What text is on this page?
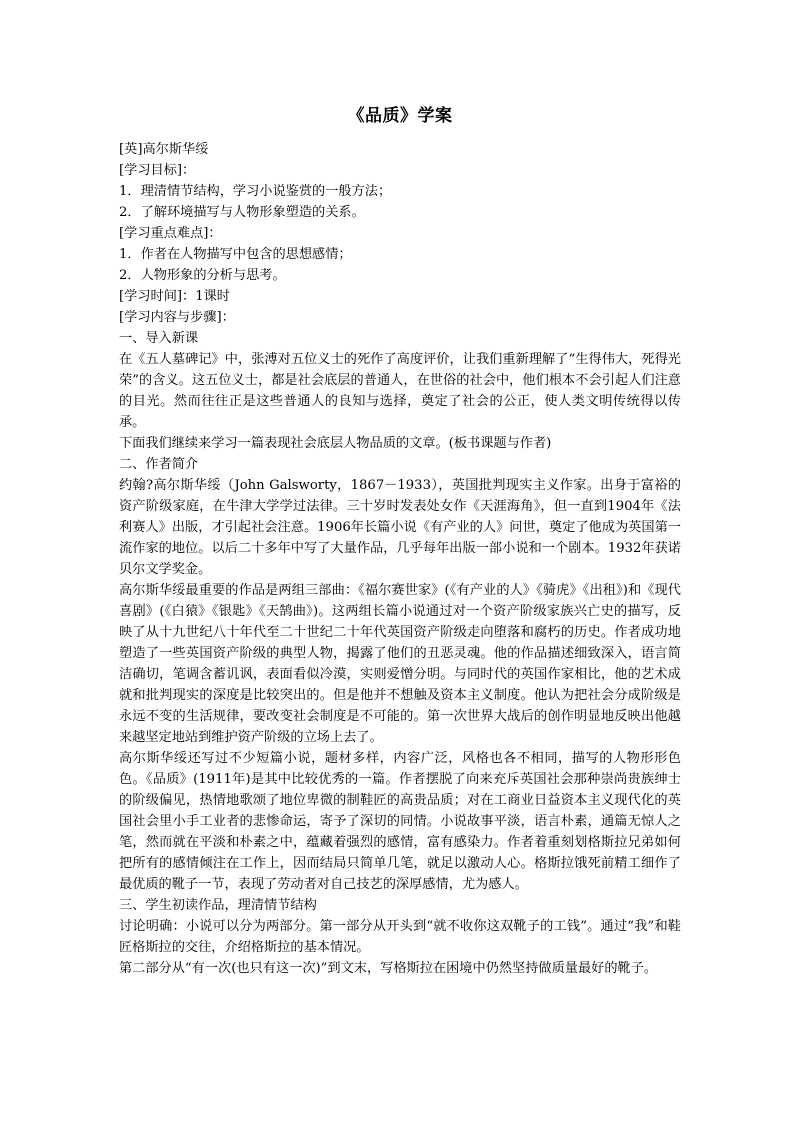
《品质》学案

[英]高尔斯华绥

[学习目标]：

1．理清情节结构，学习小说鉴赏的一般方法；

2．了解环境描写与人物形象塑造的关系。

[学习重点难点]：

1．作者在人物描写中包含的思想感情；

2．人物形象的分析与思考。

[学习时间]：1课时

[学习内容与步骤]：

一、导入新课

在《五人墓碑记》中，张溥对五位义士的死作了高度评价，让我们重新理解了“生得伟大，死得光荣”的含义。这五位义士，都是社会底层的普通人，在世俗的社会中，他们根本不会引起人们注意的目光。然而往往正是这些普通人的良知与选择，奠定了社会的公正，使人类文明传统得以传承。

下面我们继续来学习一篇表现社会底层人物品质的文章。(板书课题与作者)

二、作者简介

约翰?高尔斯华绥（John Galsworty，1867－1933），英国批判现实主义作家。出身于富裕的资产阶级家庭，在牛津大学学过法律。三十岁时发表处女作《天涯海角》，但一直到1904年《法利赛人》出版，才引起社会注意。1906年长篇小说《有产业的人》问世，奠定了他成为英国第一流作家的地位。以后二十多年中写了大量作品，几乎每年出版一部小说和一个剧本。1932年获诺贝尔文学奖金。

高尔斯华绥最重要的作品是两组三部曲：《福尔赛世家》(《有产业的人》《骑虎》《出租》)和《现代喜剧》(《白猿》《银匙》《天鹄曲》)。这两组长篇小说通过对一个资产阶级家族兴亡史的描写，反映了从十九世纪八十年代至二十世纪二十年代英国资产阶级走向堕落和腐朽的历史。作者成功地塑造了一些英国资产阶级的典型人物，揭露了他们的丑恶灵魂。他的作品描述细致深入，语言简洁确切，笔调含蓄讥讽，表面看似冷漠，实则爱憎分明。与同时代的英国作家相比，他的艺术成就和批判现实的深度是比较突出的。但是他并不想触及资本主义制度。他认为把社会分成阶级是永远不变的生活规律，要改变社会制度是不可能的。第一次世界大战后的创作明显地反映出他越来越坚定地站到维护资产阶级的立场上去了。

高尔斯华绥还写过不少短篇小说，题材多样，内容广泛，风格也各不相同，描写的人物形形色色。《品质》(1911年)是其中比较优秀的一篇。作者摆脱了向来充斥英国社会那种崇尚贵族绅士的阶级偏见，热情地歌颂了地位卑微的制鞋匠的高贵品质；对在工商业日益资本主义现代化的英国社会里小手工业者的悲惨命运，寄予了深切的同情。小说故事平淡，语言朴素，通篇无惊人之笔，然而就在平淡和朴素之中，蕴藏着强烈的感情，富有感染力。作者着重刻划格斯拉兄弟如何把所有的感情倾注在工作上，因而结局只简单几笔，就足以激动人心。格斯拉饿死前精工细作了最优质的靴子一节，表现了劳动者对自己技艺的深厚感情，尤为感人。

三、学生初读作品，理清情节结构

讨论明确：小说可以分为两部分。第一部分从开头到“就不收你这双靴子的工钱”。通过“我”和鞋匠格斯拉的交往，介绍格斯拉的基本情况。

第二部分从“有一次(也只有这一次)”到文末，写格斯拉在困境中仍然坚持做质量最好的靴子。
